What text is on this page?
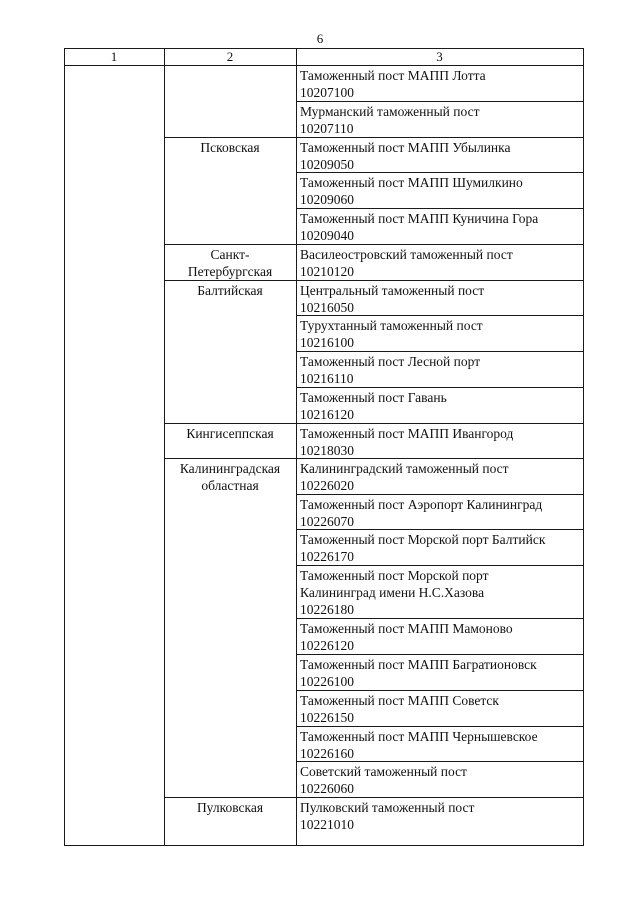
6
1	2	3
Псковская
Санкт-
Петербургская
Балтийская
Кингисеппская
Калининградская областная
Пулковская
Таможенный пост МАПП Лотта
10207100
Мурманский таможенный пост
10207110
Таможенный пост МАПП Убылинка
10209050
Таможенный пост МАПП Шумилкино
10209060
Таможенный пост МАПП Куничина Гора
10209040
Василеостровский таможенный пост
10210120
Центральный таможенный пост
10216050
Турухтанный таможенный пост
10216100
Таможенный пост Лесной порт
10216110
Таможенный пост Гавань
10216120
Таможенный пост МАПП Ивангород
10218030
Калининградский таможенный пост
10226020
Таможенный пост Аэропорт Калининград
10226070
Таможенный пост Морской порт Балтийск
10226170
Таможенный пост Морской порт
Калининград имени Н.С.Хазова
10226180
Таможенный пост МАПП Мамоново
10226120
Таможенный пост МАПП Багратионовск
10226100
Таможенный пост МАПП Советск
10226150
Таможенный пост МАПП Чернышевское
10226160
Советский таможенный пост
10226060
Пулковский таможенный пост
10221010
